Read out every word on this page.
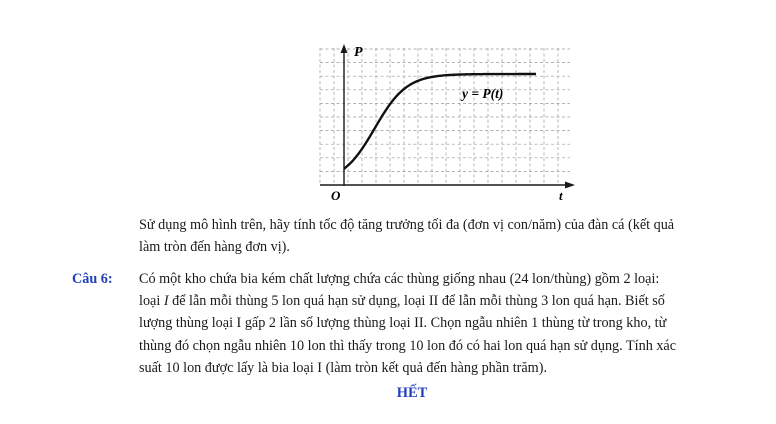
P
t
O
y = P(t)
Sử dụng mô hình trên, hãy tính tốc độ tăng trưởng tối đa (đơn vị con/năm) của đàn cá (kết quả
làm tròn đến hàng đơn vị).
Câu 6: Có một kho chứa bia kém chất lượng chứa các thùng giống nhau (24 lon/thùng) gồm 2 loại:
loại I để lẫn mỗi thùng 5 lon quá hạn sử dụng, loại II để lẫn mỗi thùng 3 lon quá hạn. Biết số
lượng thùng loại I gấp 2 lần số lượng thùng loại II. Chọn ngẫu nhiên 1 thùng từ trong kho, từ
thùng đó chọn ngẫu nhiên 10 lon thì thấy trong 10 lon đó có hai lon quá hạn sử dụng. Tính xác
suất 10 lon được lấy là bia loại I (làm tròn kết quả đến hàng phần trăm).
HẾT
